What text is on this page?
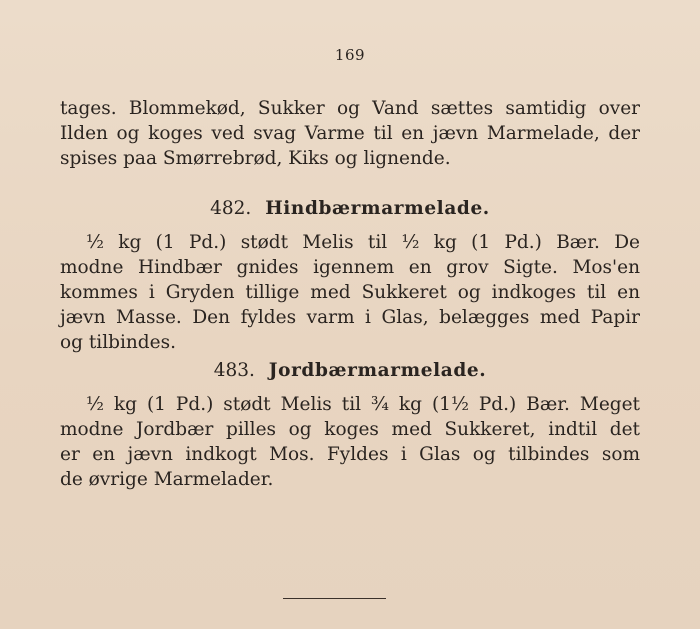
169
tages. Blommekød, Sukker og Vand sættes samtidig over
Ilden og koges ved svag Varme til en jævn Marmelade, der
spises paa Smørrebrød, Kiks og lignende.
482. Hindbærmarmelade.
½ kg (1 Pd.) stødt Melis til ½ kg (1 Pd.) Bær. De
modne Hindbær gnides igennem en grov Sigte. Mos'en
kommes i Gryden tillige med Sukkeret og indkoges til en
jævn Masse. Den fyldes varm i Glas, belægges med Papir
og tilbindes.
483. Jordbærmarmelade.
½ kg (1 Pd.) stødt Melis til ¾ kg (1½ Pd.) Bær. Meget
modne Jordbær pilles og koges med Sukkeret, indtil det
er en jævn indkogt Mos. Fyldes i Glas og tilbindes som
de øvrige Marmelader.
